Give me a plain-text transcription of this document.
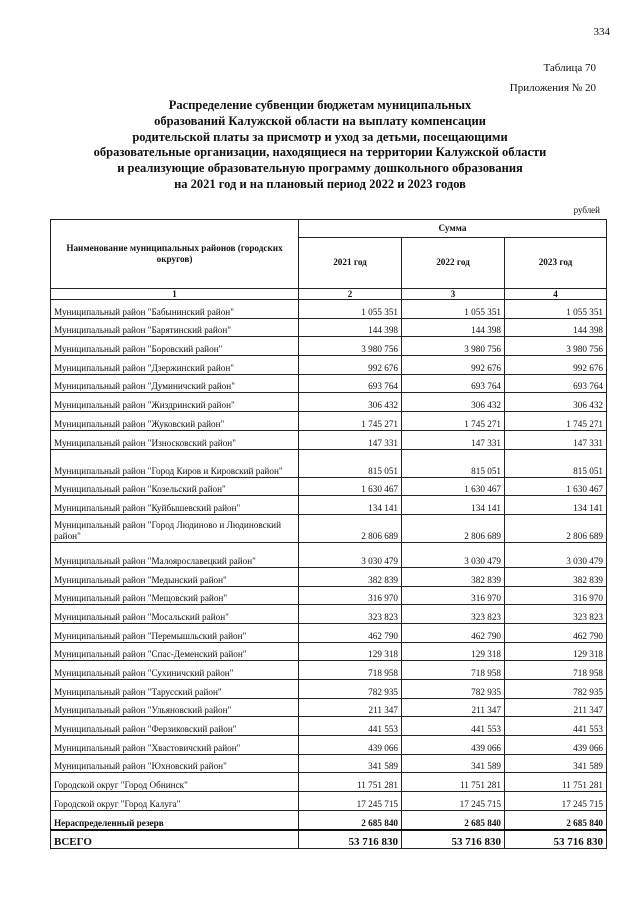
334
Таблица 70
Приложения № 20
Распределение субвенции бюджетам муниципальных
образований Калужской области на выплату компенсации
родительской платы за присмотр и уход за детьми, посещающими
образовательные организации, находящиеся на территории Калужской области
и реализующие образовательную программу дошкольного образования
на 2021 год и на плановый период 2022 и 2023 годов
рублей
Наименование муниципальных районов (городских округов)	Сумма		
	2021 год	2022 год	2023 год
1	2	3	4
Муниципальный район "Бабынинский район"	1 055 351	1 055 351	1 055 351
Муниципальный район "Барятинский район"	144 398	144 398	144 398
Муниципальный район "Боровский район"	3 980 756	3 980 756	3 980 756
Муниципальный район "Дзержинский район"	992 676	992 676	992 676
Муниципальный район "Думиничский район"	693 764	693 764	693 764
Муниципальный район "Жиздринский район"	306 432	306 432	306 432
Муниципальный район "Жуковский район"	1 745 271	1 745 271	1 745 271
Муниципальный район "Износковский район"	147 331	147 331	147 331
Муниципальный район "Город Киров и Кировский район"	815 051	815 051	815 051
Муниципальный район "Козельский район"	1 630 467	1 630 467	1 630 467
Муниципальный район "Куйбышевский район"	134 141	134 141	134 141
Муниципальный район "Город Людиново и Людиновский район"	2 806 689	2 806 689	2 806 689
Муниципальный район "Малоярославецкий район"	3 030 479	3 030 479	3 030 479
Муниципальный район "Медынский район"	382 839	382 839	382 839
Муниципальный район "Мещовский район"	316 970	316 970	316 970
Муниципальный район "Мосальский район"	323 823	323 823	323 823
Муниципальный район "Перемышльский район"	462 790	462 790	462 790
Муниципальный район "Спас-Деменский район"	129 318	129 318	129 318
Муниципальный район "Сухиничский район"	718 958	718 958	718 958
Муниципальный район "Тарусский район"	782 935	782 935	782 935
Муниципальный район "Ульяновский район"	211 347	211 347	211 347
Муниципальный район "Ферзиковский район"	441 553	441 553	441 553
Муниципальный район "Хвастовичский район"	439 066	439 066	439 066
Муниципальный район "Юхновский район"	341 589	341 589	341 589
Городской округ "Город Обнинск"	11 751 281	11 751 281	11 751 281
Городской округ "Город Калуга"	17 245 715	17 245 715	17 245 715
Нераспределенный резерв	2 685 840	2 685 840	2 685 840
ВСЕГО	53 716 830	53 716 830	53 716 830
